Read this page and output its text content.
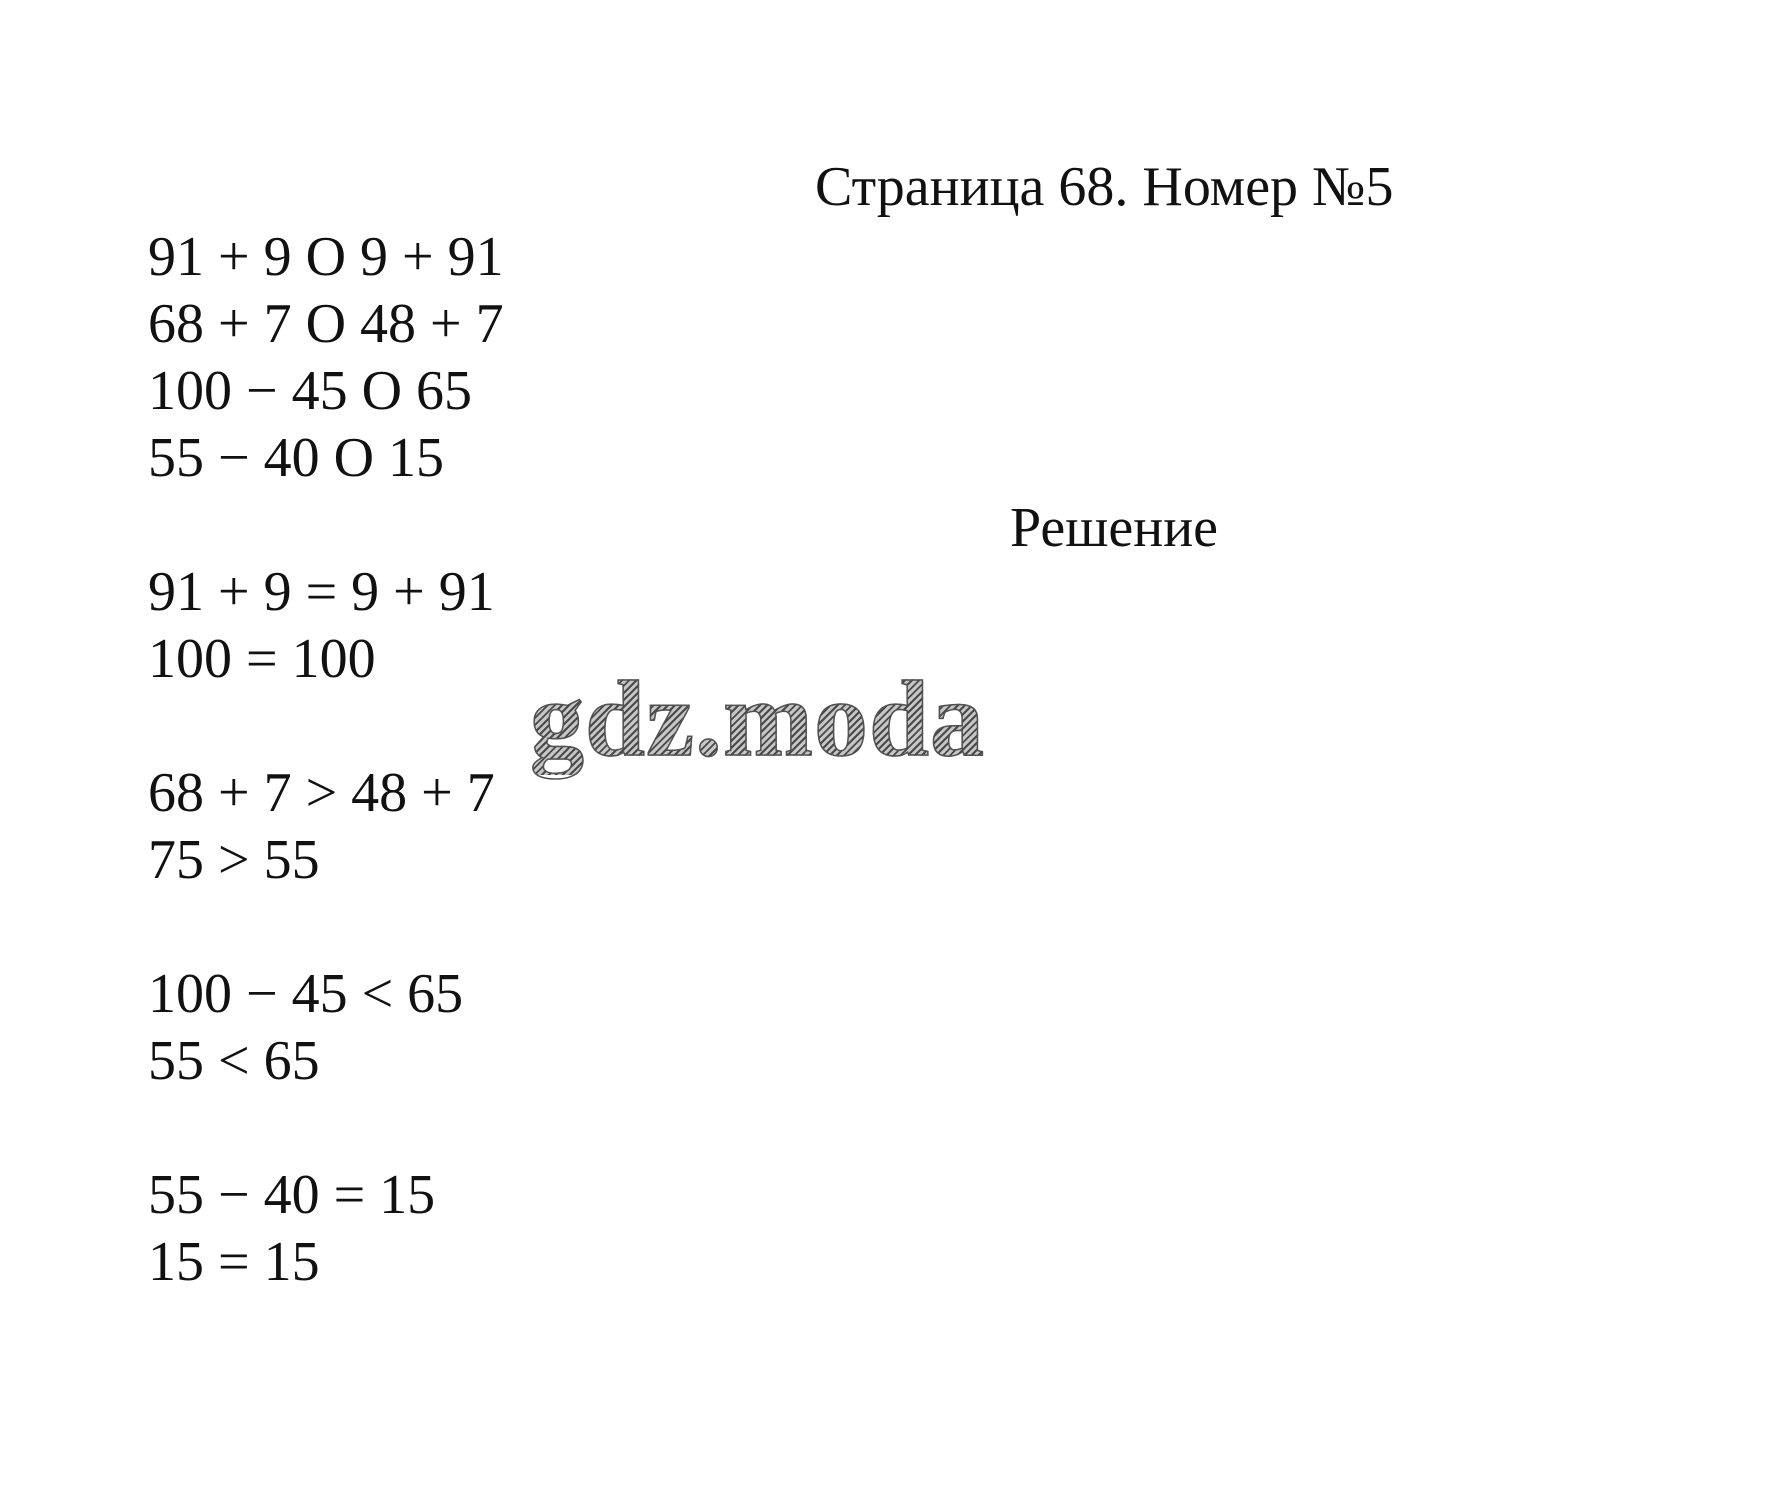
Страница 68. Номер №5
91 + 9 O 9 + 91
68 + 7 O 48 + 7
100 − 45 O 65
55 − 40 O 15
Решение
91 + 9 = 9 + 91
100 = 100
68 + 7 > 48 + 7
75 > 55
100 − 45 < 65
55 < 65
55 − 40 = 15
15 = 15
gdz.moda
